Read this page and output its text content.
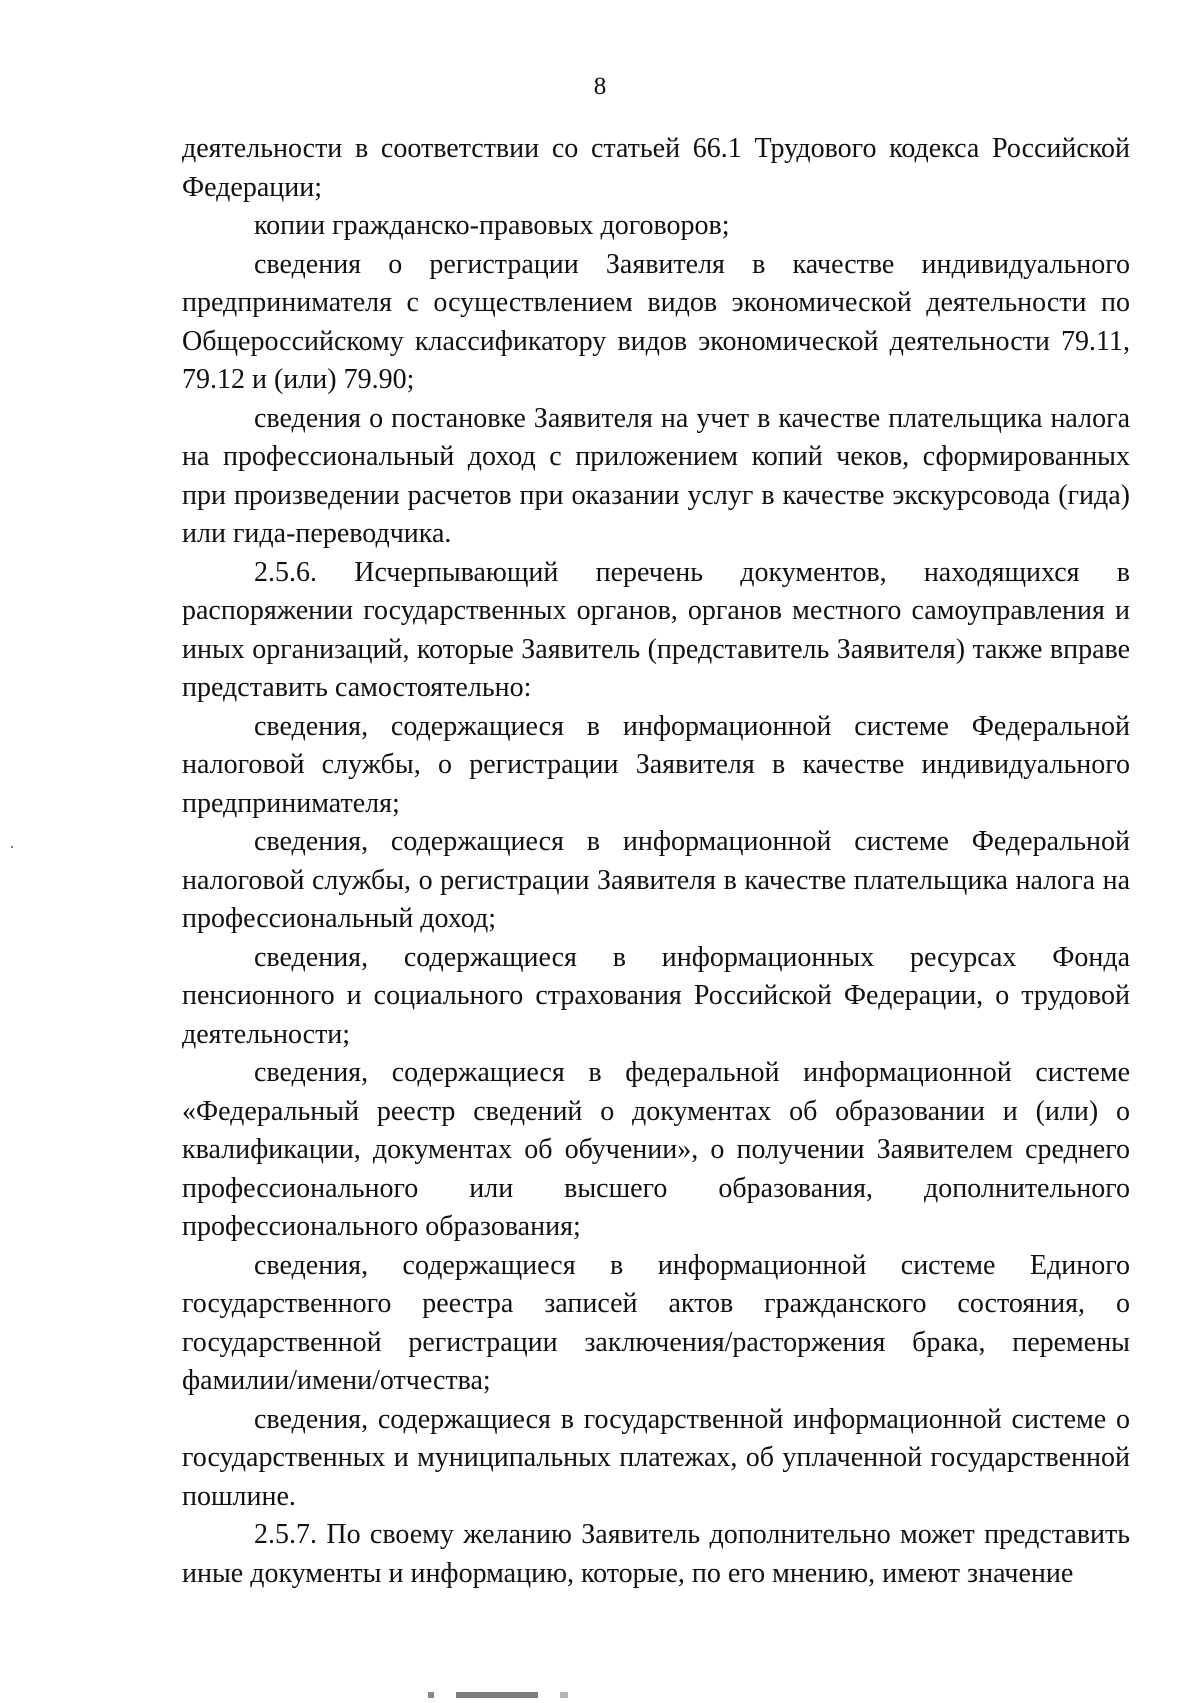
8

деятельности в соответствии со статьей 66.1 Трудового кодекса Российской Федерации;

копии гражданско-правовых договоров;

сведения о регистрации Заявителя в качестве индивидуального предпринимателя с осуществлением видов экономической деятельности по Общероссийскому классификатору видов экономической деятельности 79.11, 79.12 и (или) 79.90;

сведения о постановке Заявителя на учет в качестве плательщика налога на профессиональный доход с приложением копий чеков, сформированных при произведении расчетов при оказании услуг в качестве экскурсовода (гида) или гида-переводчика.

2.5.6. Исчерпывающий перечень документов, находящихся в распоряжении государственных органов, органов местного самоуправления и иных организаций, которые Заявитель (представитель Заявителя) также вправе представить самостоятельно:

сведения, содержащиеся в информационной системе Федеральной налоговой службы, о регистрации Заявителя в качестве индивидуального предпринимателя;

сведения, содержащиеся в информационной системе Федеральной налоговой службы, о регистрации Заявителя в качестве плательщика налога на профессиональный доход;

сведения, содержащиеся в информационных ресурсах Фонда пенсионного и социального страхования Российской Федерации, о трудовой деятельности;

сведения, содержащиеся в федеральной информационной системе «Федеральный реестр сведений о документах об образовании и (или) о квалификации, документах об обучении», о получении Заявителем среднего профессионального или высшего образования, дополнительного профессионального образования;

сведения, содержащиеся в информационной системе Единого государственного реестра записей актов гражданского состояния, о государственной регистрации заключения/расторжения брака, перемены фамилии/имени/отчества;

сведения, содержащиеся в государственной информационной системе о государственных и муниципальных платежах, об уплаченной государственной пошлине.

2.5.7. По своему желанию Заявитель дополнительно может представить иные документы и информацию, которые, по его мнению, имеют значение
